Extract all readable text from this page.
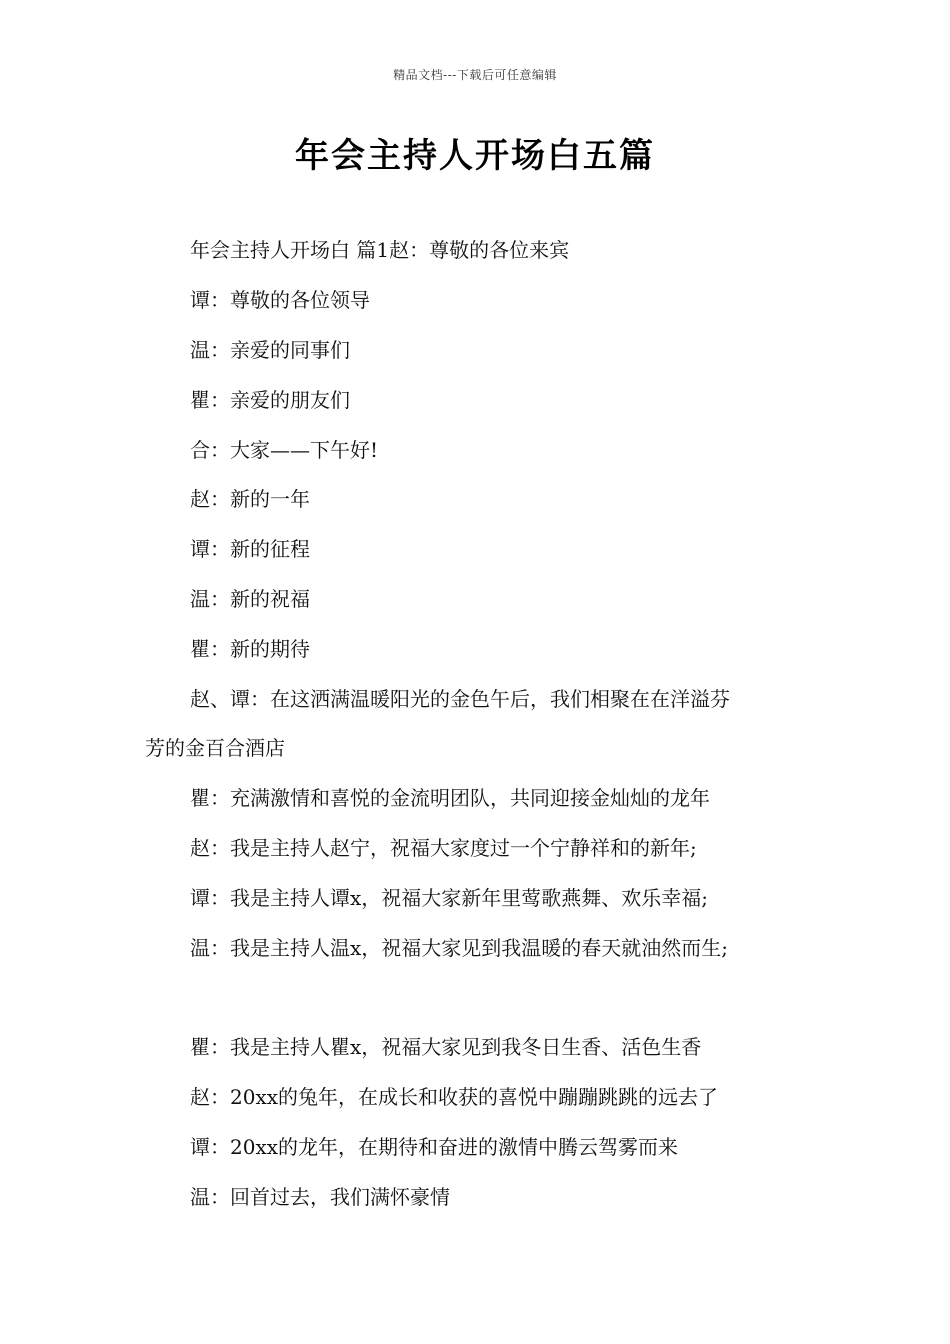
精品文档---下载后可任意编辑
年会主持人开场白五篇
年会主持人开场白 篇1赵：尊敬的各位来宾
谭：尊敬的各位领导
温：亲爱的同事们
瞿：亲爱的朋友们
合：大家——下午好!
赵：新的一年
谭：新的征程
温：新的祝福
瞿：新的期待
赵、谭：在这洒满温暖阳光的金色午后，我们相聚在在洋溢芬
芳的金百合酒店
瞿：充满激情和喜悦的金流明团队，共同迎接金灿灿的龙年
赵：我是主持人赵宁，祝福大家度过一个宁静祥和的新年;
谭：我是主持人谭x，祝福大家新年里莺歌燕舞、欢乐幸福;
温：我是主持人温x，祝福大家见到我温暖的春天就油然而生;
瞿：我是主持人瞿x，祝福大家见到我冬日生香、活色生香
赵：20xx的兔年，在成长和收获的喜悦中蹦蹦跳跳的远去了
谭：20xx的龙年，在期待和奋进的激情中腾云驾雾而来
温：回首过去，我们满怀豪情
